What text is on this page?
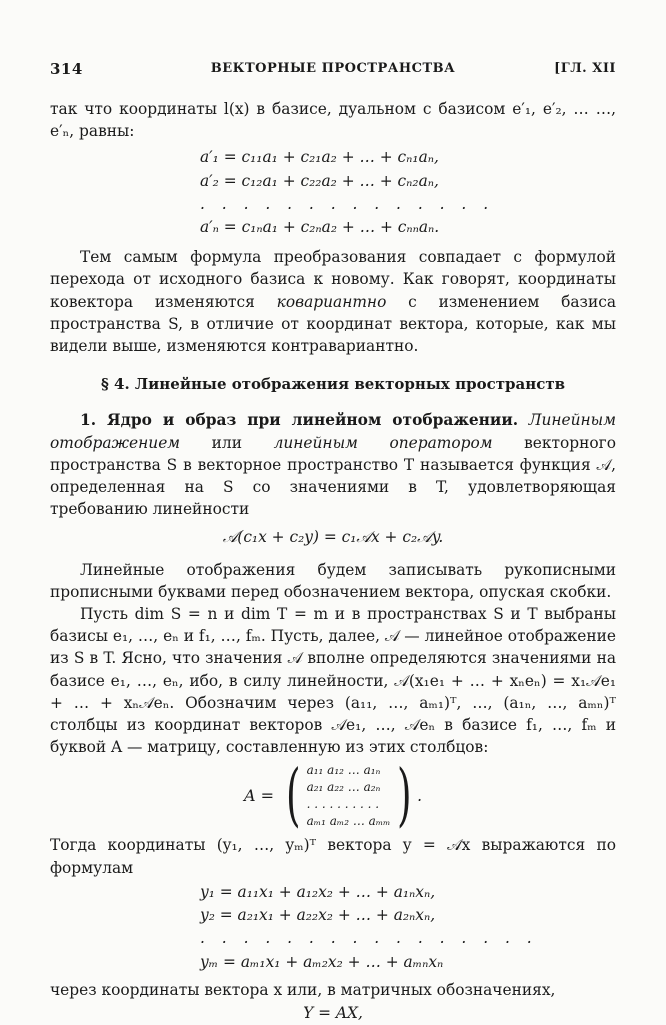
314	ВЕКТОРНЫЕ ПРОСТРАНСТВА	[ГЛ. XII

так что координаты l(x) в базисе, дуальном с базисом e′₁, e′₂, … …, e′ₙ, равны:

a′₁ = c₁₁a₁ + c₂₁a₂ + … + cₙ₁aₙ,
a′₂ = c₁₂a₁ + c₂₂a₂ + … + cₙ₂aₙ,
. . . . . . . . . . . . . .
a′ₙ = c₁ₙa₁ + c₂ₙa₂ + … + cₙₙaₙ.

Тем самым формула преобразования совпадает с формулой перехода от исходного базиса к новому. Как говорят, координаты ковектора изменяются ковариантно с изменением базиса пространства S, в отличие от координат вектора, которые, как мы видели выше, изменяются контравариантно.

§ 4. Линейные отображения векторных пространств

1. Ядро и образ при линейном отображении. Линейным отображением или линейным оператором векторного пространства S в векторное пространство T называется функция 𝒜, определенная на S со значениями в T, удовлетворяющая требованию линейности

𝒜(c₁x + c₂y) = c₁𝒜x + c₂𝒜y.

Линейные отображения будем записывать рукописными прописными буквами перед обозначением вектора, опуская скобки.

Пусть dim S = n и dim T = m и в пространствах S и T выбраны базисы e₁, …, eₙ и f₁, …, fₘ. Пусть, далее, 𝒜 — линейное отображение из S в T. Ясно, что значения 𝒜 вполне определяются значениями на базисе e₁, …, eₙ, ибо, в силу линейности, 𝒜(x₁e₁ + … + xₙeₙ) = x₁𝒜e₁ + … + xₙ𝒜eₙ. Обозначим через (a₁₁, …, aₘ₁)ᵀ, …, (a₁ₙ, …, aₘₙ)ᵀ столбцы из координат векторов 𝒜e₁, …, 𝒜eₙ в базисе f₁, …, fₘ и буквой A — матрицу, составленную из этих столбцов:

A = ( a₁₁ a₁₂ … a₁ₙ
a₂₁ a₂₂ … a₂ₙ
. . . . . . . . . .
aₘ₁ aₘ₂ … aₘₘ ) .

Тогда координаты (y₁, …, yₘ)ᵀ вектора y = 𝒜x выражаются по формулам

y₁ = a₁₁x₁ + a₁₂x₂ + … + a₁ₙxₙ,
y₂ = a₂₁x₁ + a₂₂x₂ + … + a₂ₙxₙ,
. . . . . . . . . . . . . . . .
yₘ = aₘ₁x₁ + aₘ₂x₂ + … + aₘₙxₙ

через координаты вектора x или, в матричных обозначениях,

Y = AX,
